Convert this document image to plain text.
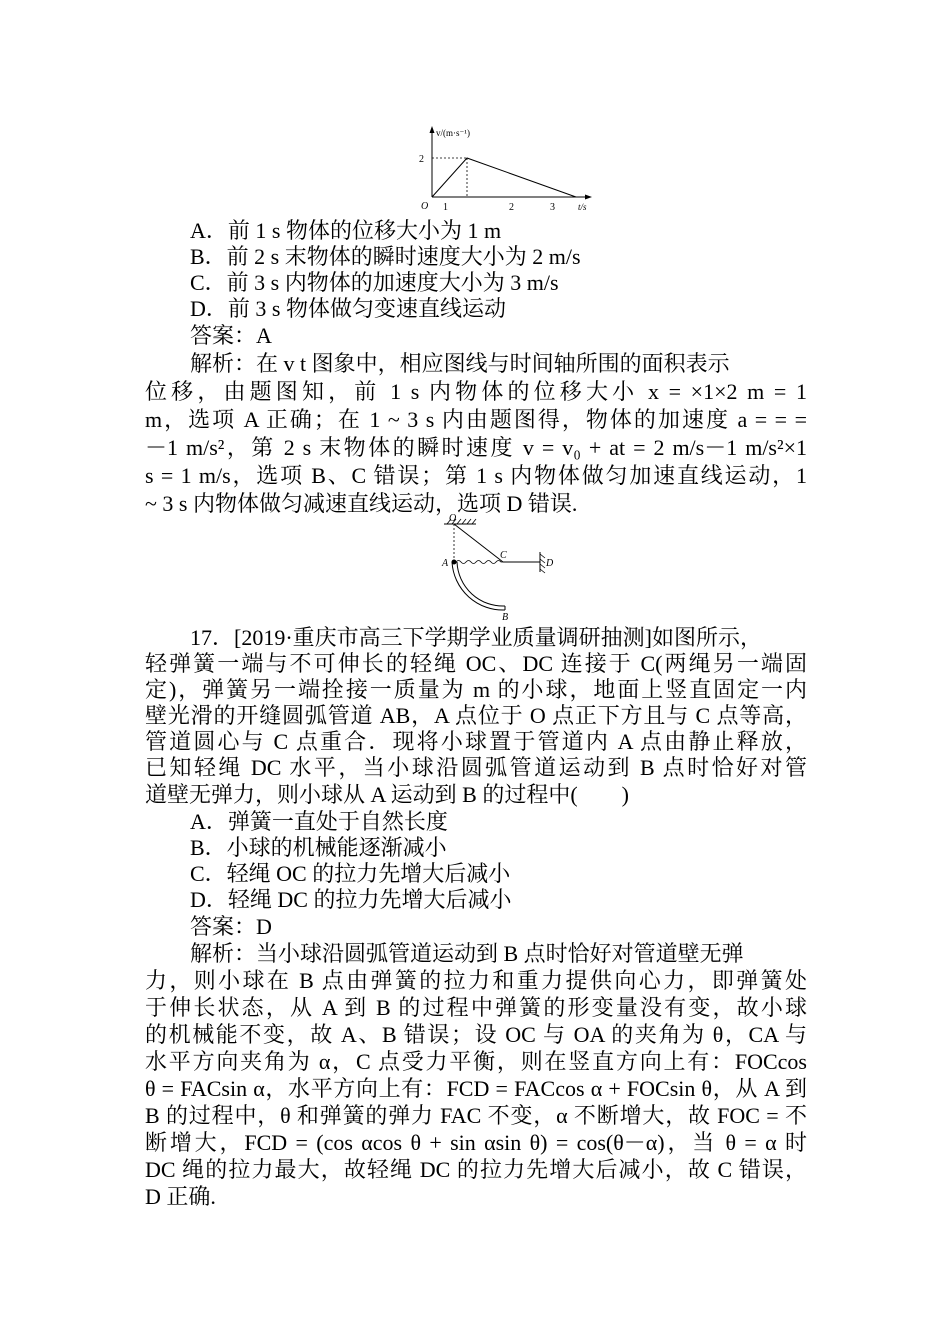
v/(m·s⁻¹)
t/s
O
2
1	2	3
A．前 1 s 物体的位移大小为 1 m
B．前 2 s 末物体的瞬时速度大小为 2 m/s
C．前 3 s 内物体的加速度大小为 3 m/s
D．前 3 s 物体做匀变速直线运动
答案：A
解析：在 v t 图象中，相应图线与时间轴所围的面积表示
位移，由题图知，前 1 s 内物体的位移大小 x = ×1×2 m = 1
m，选项 A 正确；在 1 ~ 3 s 内由题图得，物体的加速度 a = = =
－1 m/s²，第 2 s 末物体的瞬时速度 v = v₀ + at = 2 m/s－1 m/s²×1
s = 1 m/s，选项 B、C 错误；第 1 s 内物体做匀加速直线运动，1
~ 3 s 内物体做匀减速直线运动，选项 D 错误.
O
D
C
A
B
17．[2019·重庆市高三下学期学业质量调研抽测]如图所示，
轻弹簧一端与不可伸长的轻绳 OC、DC 连接于 C(两绳另一端固
定)，弹簧另一端拴接一质量为 m 的小球，地面上竖直固定一内
壁光滑的开缝圆弧管道 AB，A 点位于 O 点正下方且与 C 点等高，
管道圆心与 C 点重合．现将小球置于管道内 A 点由静止释放，
已知轻绳 DC 水平，当小球沿圆弧管道运动到 B 点时恰好对管
道壁无弹力，则小球从 A 运动到 B 的过程中(　　)
A．弹簧一直处于自然长度
B．小球的机械能逐渐减小
C．轻绳 OC 的拉力先增大后减小
D．轻绳 DC 的拉力先增大后减小
答案：D
解析：当小球沿圆弧管道运动到 B 点时恰好对管道壁无弹
力，则小球在 B 点由弹簧的拉力和重力提供向心力，即弹簧处
于伸长状态，从 A 到 B 的过程中弹簧的形变量没有变，故小球
的机械能不变，故 A、B 错误；设 OC 与 OA 的夹角为 θ，CA 与
水平方向夹角为 α，C 点受力平衡，则在竖直方向上有：FOCcos
θ = FACsin α，水平方向上有：FCD = FACcos α + FOCsin θ，从 A 到
B 的过程中，θ 和弹簧的弹力 FAC 不变，α 不断增大，故 FOC = 不
断增大，FCD = (cos αcos θ + sin αsin θ) = cos(θ－α)，当 θ = α 时
DC 绳的拉力最大，故轻绳 DC 的拉力先增大后减小，故 C 错误，
D 正确.
